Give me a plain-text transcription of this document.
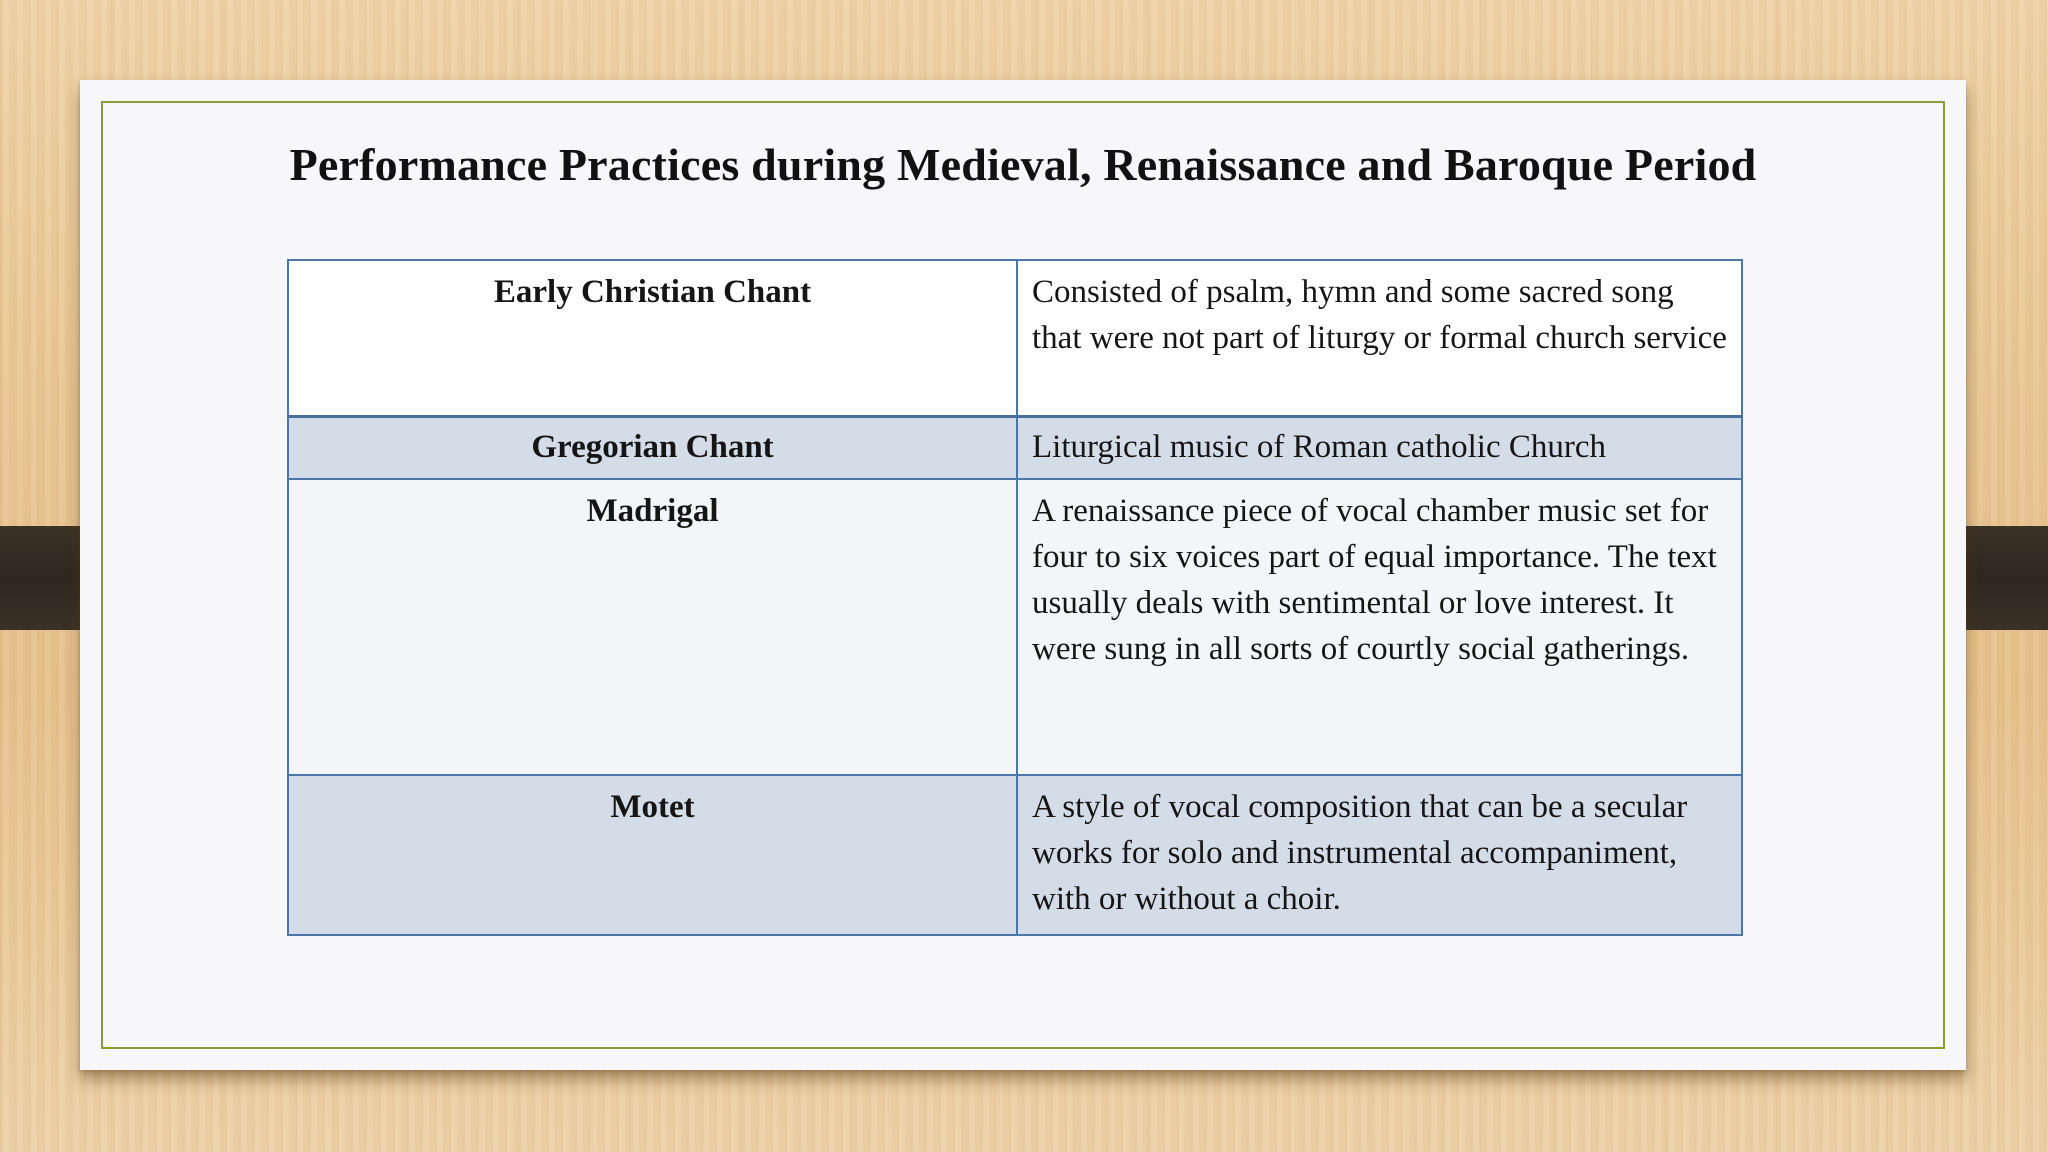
Performance Practices during Medieval, Renaissance and Baroque Period
Early Christian Chant	Consisted of psalm, hymn and some sacred song that were not part of liturgy or formal church service
Gregorian Chant	Liturgical music of Roman catholic Church
Madrigal	A renaissance piece of vocal chamber music set for four to six voices part of equal importance. The text usually deals with sentimental or love interest. It were sung in all sorts of courtly social gatherings.
Motet	A style of vocal composition that can be a secular works for solo and instrumental accompaniment, with or without a choir.
